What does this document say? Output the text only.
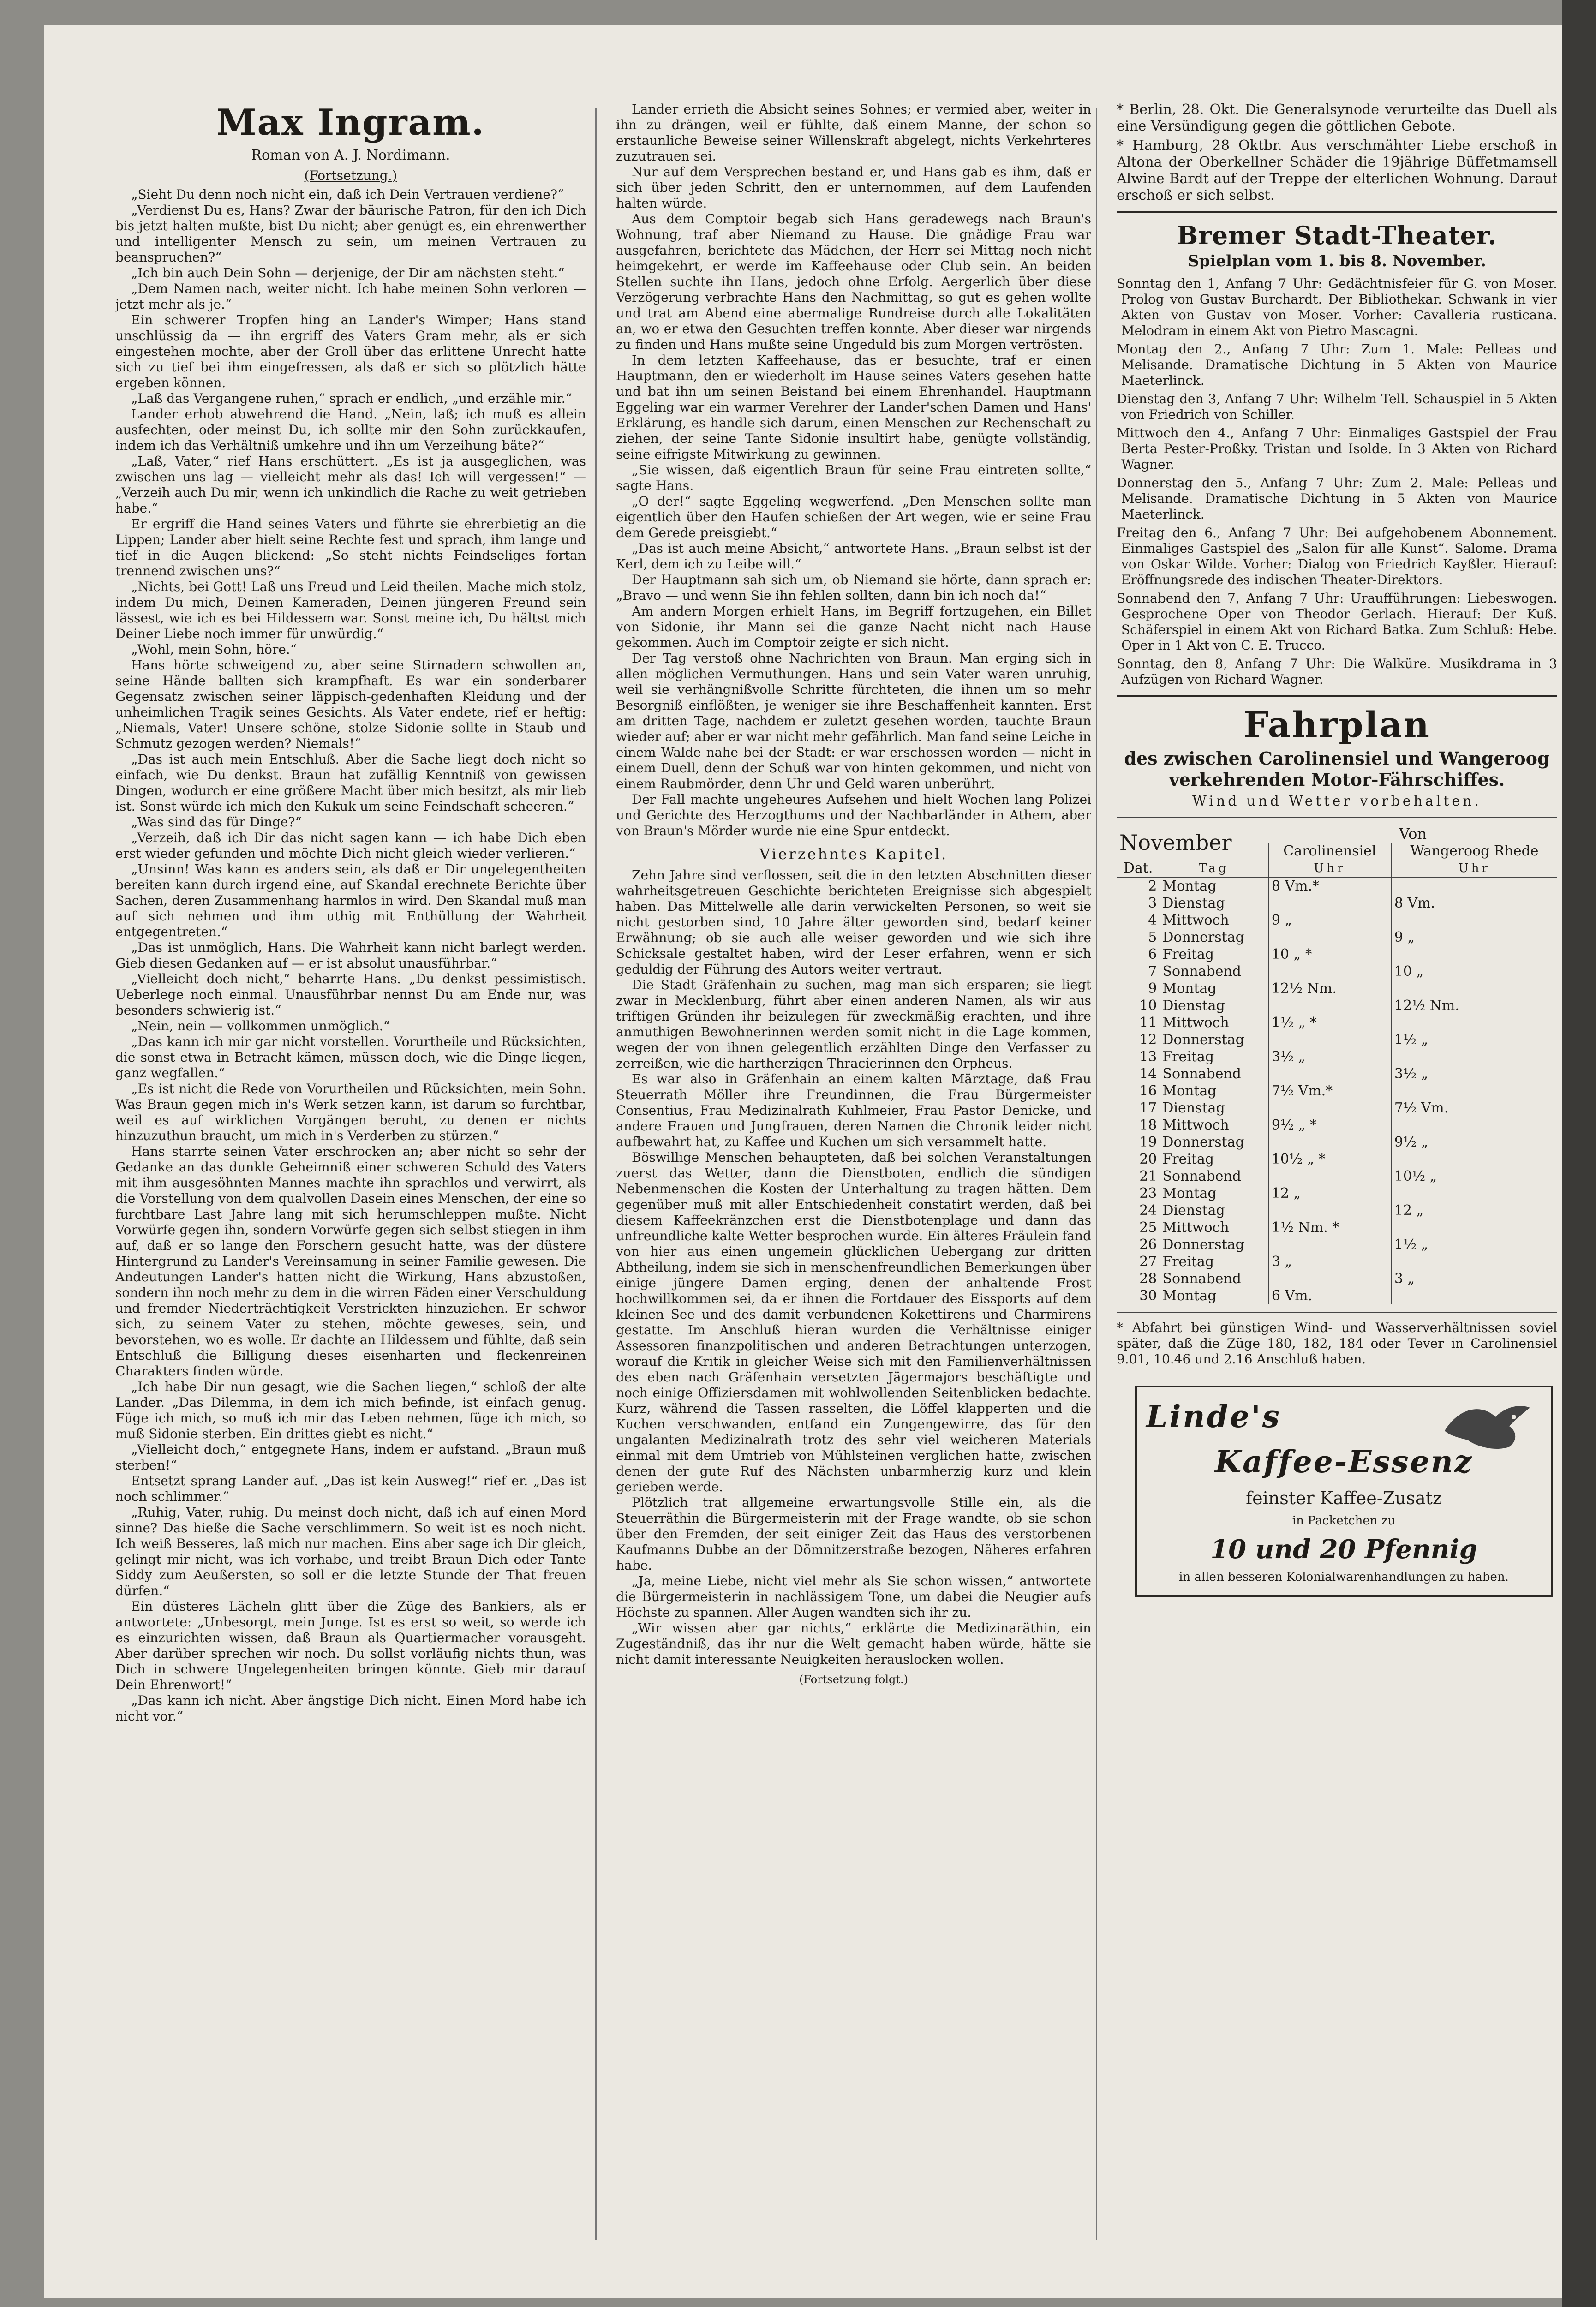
Max Ingram.
Roman von A. J. Nordimann.
(Fortsetzung.)

„Sieht Du denn noch nicht ein, daß ich Dein Vertrauen verdiene?“

„Verdienst Du es, Hans? Zwar der bäurische Patron, für den ich Dich bis jetzt halten mußte, bist Du nicht; aber genügt es, ein ehrenwerther und intelligenter Mensch zu sein, um meinen Vertrauen zu beanspruchen?“

„Ich bin auch Dein Sohn — derjenige, der Dir am nächsten steht.“

„Dem Namen nach, weiter nicht. Ich habe meinen Sohn verloren — jetzt mehr als je.“

Ein schwerer Tropfen hing an Lander's Wimper; Hans stand unschlüssig da — ihn ergriff des Vaters Gram mehr, als er sich eingestehen mochte, aber der Groll über das erlittene Unrecht hatte sich zu tief bei ihm eingefressen, als daß er sich so plötzlich hätte ergeben können.

„Laß das Vergangene ruhen,“ sprach er endlich, „und erzähle mir.“

Lander erhob abwehrend die Hand. „Nein, laß; ich muß es allein ausfechten, oder meinst Du, ich sollte mir den Sohn zurückkaufen, indem ich das Verhältniß umkehre und ihn um Verzeihung bäte?“

„Laß, Vater,“ rief Hans erschüttert. „Es ist ja ausgeglichen, was zwischen uns lag — vielleicht mehr als das! Ich will vergessen!“ — „Verzeih auch Du mir, wenn ich unkindlich die Rache zu weit getrieben habe.“

Er ergriff die Hand seines Vaters und führte sie ehrerbietig an die Lippen; Lander aber hielt seine Rechte fest und sprach, ihm lange und tief in die Augen blickend: „So steht nichts Feindseliges fortan trennend zwischen uns?“

„Nichts, bei Gott! Laß uns Freud und Leid theilen. Mache mich stolz, indem Du mich, Deinen Kameraden, Deinen jüngeren Freund sein lässest, wie ich es bei Hildessem war. Sonst meine ich, Du hältst mich Deiner Liebe noch immer für unwürdig.“

„Wohl, mein Sohn, höre.“

Hans hörte schweigend zu, aber seine Stirnadern schwollen an, seine Hände ballten sich krampfhaft. Es war ein sonderbarer Gegensatz zwischen seiner läppisch-gedenhaften Kleidung und der unheimlichen Tragik seines Gesichts. Als Vater endete, rief er heftig: „Niemals, Vater! Unsere schöne, stolze Sidonie sollte in Staub und Schmutz gezogen werden? Niemals!“

„Das ist auch mein Entschluß. Aber die Sache liegt doch nicht so einfach, wie Du denkst. Braun hat zufällig Kenntniß von gewissen Dingen, wodurch er eine größere Macht über mich besitzt, als mir lieb ist. Sonst würde ich mich den Kukuk um seine Feindschaft scheeren.“

„Was sind das für Dinge?“

„Verzeih, daß ich Dir das nicht sagen kann — ich habe Dich eben erst wieder gefunden und möchte Dich nicht gleich wieder verlieren.“

„Unsinn! Was kann es anders sein, als daß er Dir ungelegentheiten bereiten kann durch irgend eine, auf Skandal erechnete Berichte über Sachen, deren Zusammenhang harmlos in wird. Den Skandal muß man auf sich nehmen und ihm uthig mit Enthüllung der Wahrheit entgegentreten.“

„Das ist unmöglich, Hans. Die Wahrheit kann nicht barlegt werden. Gieb diesen Gedanken auf — er ist absolut unausführbar.“

„Vielleicht doch nicht,“ beharrte Hans. „Du denkst pessimistisch. Ueberlege noch einmal. Unausführbar nennst Du am Ende nur, was besonders schwierig ist.“

„Nein, nein — vollkommen unmöglich.“

„Das kann ich mir gar nicht vorstellen. Vorurtheile und Rücksichten, die sonst etwa in Betracht kämen, müssen doch, wie die Dinge liegen, ganz wegfallen.“

„Es ist nicht die Rede von Vorurtheilen und Rücksichten, mein Sohn. Was Braun gegen mich in's Werk setzen kann, ist darum so furchtbar, weil es auf wirklichen Vorgängen beruht, zu denen er nichts hinzuzuthun braucht, um mich in's Verderben zu stürzen.“

Hans starrte seinen Vater erschrocken an; aber nicht so sehr der Gedanke an das dunkle Geheimniß einer schweren Schuld des Vaters mit ihm ausgesöhnten Mannes machte ihn sprachlos und verwirrt, als die Vorstellung von dem qualvollen Dasein eines Menschen, der eine so furchtbare Last Jahre lang mit sich herumschleppen mußte. Nicht Vorwürfe gegen ihn, sondern Vorwürfe gegen sich selbst stiegen in ihm auf, daß er so lange den Forschern gesucht hatte, was der düstere Hintergrund zu Lander's Vereinsamung in seiner Familie gewesen. Die Andeutungen Lander's hatten nicht die Wirkung, Hans abzustoßen, sondern ihn noch mehr zu dem in die wirren Fäden einer Verschuldung und fremder Niederträchtigkeit Verstrickten hinzuziehen. Er schwor sich, zu seinem Vater zu stehen, möchte geweses, sein, und bevorstehen, wo es wolle. Er dachte an Hildessem und fühlte, daß sein Entschluß die Billigung dieses eisenharten und fleckenreinen Charakters finden würde.

„Ich habe Dir nun gesagt, wie die Sachen liegen,“ schloß der alte Lander. „Das Dilemma, in dem ich mich befinde, ist einfach genug. Füge ich mich, so muß ich mir das Leben nehmen, füge ich mich, so muß Sidonie sterben. Ein drittes giebt es nicht.“

„Vielleicht doch,“ entgegnete Hans, indem er aufstand. „Braun muß sterben!“

Entsetzt sprang Lander auf. „Das ist kein Ausweg!“ rief er. „Das ist noch schlimmer.“

„Ruhig, Vater, ruhig. Du meinst doch nicht, daß ich auf einen Mord sinne? Das hieße die Sache verschlimmern. So weit ist es noch nicht. Ich weiß Besseres, laß mich nur machen. Eins aber sage ich Dir gleich, gelingt mir nicht, was ich vorhabe, und treibt Braun Dich oder Tante Siddy zum Aeußersten, so soll er die letzte Stunde der That freuen dürfen.“

Ein düsteres Lächeln glitt über die Züge des Bankiers, als er antwortete: „Unbesorgt, mein Junge. Ist es erst so weit, so werde ich es einzurichten wissen, daß Braun als Quartiermacher vorausgeht. Aber darüber sprechen wir noch. Du sollst vorläufig nichts thun, was Dich in schwere Ungelegenheiten bringen könnte. Gieb mir darauf Dein Ehrenwort!“

„Das kann ich nicht. Aber ängstige Dich nicht. Einen Mord habe ich nicht vor.“

Lander errieth die Absicht seines Sohnes; er vermied aber, weiter in ihn zu drängen, weil er fühlte, daß einem Manne, der schon so erstaunliche Beweise seiner Willenskraft abgelegt, nichts Verkehrteres zuzutrauen sei.

Nur auf dem Versprechen bestand er, und Hans gab es ihm, daß er sich über jeden Schritt, den er unternommen, auf dem Laufenden halten würde.

Aus dem Comptoir begab sich Hans geradewegs nach Braun's Wohnung, traf aber Niemand zu Hause. Die gnädige Frau war ausgefahren, berichtete das Mädchen, der Herr sei Mittag noch nicht heimgekehrt, er werde im Kaffeehause oder Club sein. An beiden Stellen suchte ihn Hans, jedoch ohne Erfolg. Aergerlich über diese Verzögerung verbrachte Hans den Nachmittag, so gut es gehen wollte und trat am Abend eine abermalige Rundreise durch alle Lokalitäten an, wo er etwa den Gesuchten treffen konnte. Aber dieser war nirgends zu finden und Hans mußte seine Ungeduld bis zum Morgen vertrösten.

In dem letzten Kaffeehause, das er besuchte, traf er einen Hauptmann, den er wiederholt im Hause seines Vaters gesehen hatte und bat ihn um seinen Beistand bei einem Ehrenhandel. Hauptmann Eggeling war ein warmer Verehrer der Lander'schen Damen und Hans' Erklärung, es handle sich darum, einen Menschen zur Rechenschaft zu ziehen, der seine Tante Sidonie insultirt habe, genügte vollständig, seine eifrigste Mitwirkung zu gewinnen.

„Sie wissen, daß eigentlich Braun für seine Frau eintreten sollte,“ sagte Hans.

„O der!“ sagte Eggeling wegwerfend. „Den Menschen sollte man eigentlich über den Haufen schießen der Art wegen, wie er seine Frau dem Gerede preisgiebt.“

„Das ist auch meine Absicht,“ antwortete Hans. „Braun selbst ist der Kerl, dem ich zu Leibe will.“

Der Hauptmann sah sich um, ob Niemand sie hörte, dann sprach er: „Bravo — und wenn Sie ihn fehlen sollten, dann bin ich noch da!“

Am andern Morgen erhielt Hans, im Begriff fortzugehen, ein Billet von Sidonie, ihr Mann sei die ganze Nacht nicht nach Hause gekommen. Auch im Comptoir zeigte er sich nicht.

Der Tag verstoß ohne Nachrichten von Braun. Man erging sich in allen möglichen Vermuthungen. Hans und sein Vater waren unruhig, weil sie verhängnißvolle Schritte fürchteten, die ihnen um so mehr Besorgniß einflößten, je weniger sie ihre Beschaffenheit kannten. Erst am dritten Tage, nachdem er zuletzt gesehen worden, tauchte Braun wieder auf; aber er war nicht mehr gefährlich. Man fand seine Leiche in einem Walde nahe bei der Stadt: er war erschossen worden — nicht in einem Duell, denn der Schuß war von hinten gekommen, und nicht von einem Raubmörder, denn Uhr und Geld waren unberührt.

Der Fall machte ungeheures Aufsehen und hielt Wochen lang Polizei und Gerichte des Herzogthums und der Nachbarländer in Athem, aber von Braun's Mörder wurde nie eine Spur entdeckt.

Vierzehntes Kapitel.

Zehn Jahre sind verflossen, seit die in den letzten Abschnitten dieser wahrheitsgetreuen Geschichte berichteten Ereignisse sich abgespielt haben. Das Mittelwelle alle darin verwickelten Personen, so weit sie nicht gestorben sind, 10 Jahre älter geworden sind, bedarf keiner Erwähnung; ob sie auch alle weiser geworden und wie sich ihre Schicksale gestaltet haben, wird der Leser erfahren, wenn er sich geduldig der Führung des Autors weiter vertraut.

Die Stadt Gräfenhain zu suchen, mag man sich ersparen; sie liegt zwar in Mecklenburg, führt aber einen anderen Namen, als wir aus triftigen Gründen ihr beizulegen für zweckmäßig erachten, und ihre anmuthigen Bewohnerinnen werden somit nicht in die Lage kommen, wegen der von ihnen gelegentlich erzählten Dinge den Verfasser zu zerreißen, wie die hartherzigen Thracierinnen den Orpheus.

Es war also in Gräfenhain an einem kalten Märztage, daß Frau Steuerrath Möller ihre Freundinnen, die Frau Bürgermeister Consentius, Frau Medizinalrath Kuhlmeier, Frau Pastor Denicke, und andere Frauen und Jungfrauen, deren Namen die Chronik leider nicht aufbewahrt hat, zu Kaffee und Kuchen um sich versammelt hatte.

Böswillige Menschen behaupteten, daß bei solchen Veranstaltungen zuerst das Wetter, dann die Dienstboten, endlich die sündigen Nebenmenschen die Kosten der Unterhaltung zu tragen hätten. Dem gegenüber muß mit aller Entschiedenheit constatirt werden, daß bei diesem Kaffeekränzchen erst die Dienstbotenplage und dann das unfreundliche kalte Wetter besprochen wurde. Ein älteres Fräulein fand von hier aus einen ungemein glücklichen Uebergang zur dritten Abtheilung, indem sie sich in menschenfreundlichen Bemerkungen über einige jüngere Damen erging, denen der anhaltende Frost hochwillkommen sei, da er ihnen die Fortdauer des Eissports auf dem kleinen See und des damit verbundenen Kokettirens und Charmirens gestatte. Im Anschluß hieran wurden die Verhältnisse einiger Assessoren finanzpolitischen und anderen Betrachtungen unterzogen, worauf die Kritik in gleicher Weise sich mit den Familienverhältnissen des eben nach Gräfenhain versetzten Jägermajors beschäftigte und noch einige Offiziersdamen mit wohlwollenden Seitenblicken bedachte. Kurz, während die Tassen rasselten, die Löffel klapperten und die Kuchen verschwanden, entfand ein Zungengewirre, das für den ungalanten Medizinalrath trotz des sehr viel weicheren Materials einmal mit dem Umtrieb von Mühlsteinen verglichen hatte, zwischen denen der gute Ruf des Nächsten unbarmherzig kurz und klein gerieben werde.

Plötzlich trat allgemeine erwartungsvolle Stille ein, als die Steuerräthin die Bürgermeisterin mit der Frage wandte, ob sie schon über den Fremden, der seit einiger Zeit das Haus des verstorbenen Kaufmanns Dubbe an der Dömnitzerstraße bezogen, Näheres erfahren habe.

„Ja, meine Liebe, nicht viel mehr als Sie schon wissen,“ antwortete die Bürgermeisterin in nachlässigem Tone, um dabei die Neugier aufs Höchste zu spannen. Aller Augen wandten sich ihr zu.

„Wir wissen aber gar nichts,“ erklärte die Medizinaräthin, ein Zugeständniß, das ihr nur die Welt gemacht haben würde, hätte sie nicht damit interessante Neuigkeiten herauslocken wollen.

(Fortsetzung folgt.)

* Berlin, 28. Okt. Die Generalsynode verurteilte das Duell als eine Versündigung gegen die göttlichen Gebote.

* Hamburg, 28 Oktbr. Aus verschmähter Liebe erschoß in Altona der Oberkellner Schäder die 19jährige Büffetmamsell Alwine Bardt auf der Treppe der elterlichen Wohnung. Darauf erschoß er sich selbst.

Bremer Stadt-Theater.
Spielplan vom 1. bis 8. November.

Sonntag den 1, Anfang 7 Uhr: Gedächtnisfeier für G. von Moser. Prolog von Gustav Burchardt. Der Bibliothekar. Schwank in vier Akten von Gustav von Moser. Vorher: Cavalleria rusticana. Melodram in einem Akt von Pietro Mascagni.

Montag den 2., Anfang 7 Uhr: Zum 1. Male: Pelleas und Melisande. Dramatische Dichtung in 5 Akten von Maurice Maeterlinck.

Dienstag den 3, Anfang 7 Uhr: Wilhelm Tell. Schauspiel in 5 Akten von Friedrich von Schiller.

Mittwoch den 4., Anfang 7 Uhr: Einmaliges Gastspiel der Frau Berta Pester-Proßky. Tristan und Isolde. In 3 Akten von Richard Wagner.

Donnerstag den 5., Anfang 7 Uhr: Zum 2. Male: Pelleas und Melisande. Dramatische Dichtung in 5 Akten von Maurice Maeterlinck.

Freitag den 6., Anfang 7 Uhr: Bei aufgehobenem Abonnement. Einmaliges Gastspiel des „Salon für alle Kunst“. Salome. Drama von Oskar Wilde. Vorher: Dialog von Friedrich Kayßler. Hierauf: Eröffnungsrede des indischen Theater-Direktors.

Sonnabend den 7, Anfang 7 Uhr: Uraufführungen: Liebeswogen. Gesprochene Oper von Theodor Gerlach. Hierauf: Der Kuß. Schäferspiel in einem Akt von Richard Batka. Zum Schluß: Hebe. Oper in 1 Akt von C. E. Trucco.

Sonntag, den 8, Anfang 7 Uhr: Die Walküre. Musikdrama in 3 Aufzügen von Richard Wagner.

Fahrplan
des zwischen Carolinensiel und Wangeroog
verkehrenden Motor-Fährschiffes.
Wind und Wetter vorbehalten.
November		Von	
		Carolinensiel	Wangeroog Rhede
Dat.	Tag	Uhr	Uhr
2	Montag	8 Vm.*	
3	Dienstag		8 Vm.
4	Mittwoch	9 „	
5	Donnerstag		9 „
6	Freitag	10 „ *	
7	Sonnabend		10 „
9	Montag	12½ Nm.	
10	Dienstag		12½ Nm.
11	Mittwoch	1½ „ *	
12	Donnerstag		1½ „
13	Freitag	3½ „	
14	Sonnabend		3½ „
16	Montag	7½ Vm.*	
17	Dienstag		7½ Vm.
18	Mittwoch	9½ „ *	
19	Donnerstag		9½ „
20	Freitag	10½ „ *	
21	Sonnabend		10½ „
23	Montag	12 „	
24	Dienstag		12 „
25	Mittwoch	1½ Nm. *	
26	Donnerstag		1½ „
27	Freitag	3 „	
28	Sonnabend		3 „
30	Montag	6 Vm.	

* Abfahrt bei günstigen Wind- und Wasserverhältnissen soviel später, daß die Züge 180, 182, 184 oder Tever in Carolinensiel 9.01, 10.46 und 2.16 Anschluß haben.

Linde's
Kaffee-Essenz
feinster Kaffee-Zusatz
in Packetchen zu
10 und 20 Pfennig
in allen besseren Kolonialwarenhandlungen zu haben.
